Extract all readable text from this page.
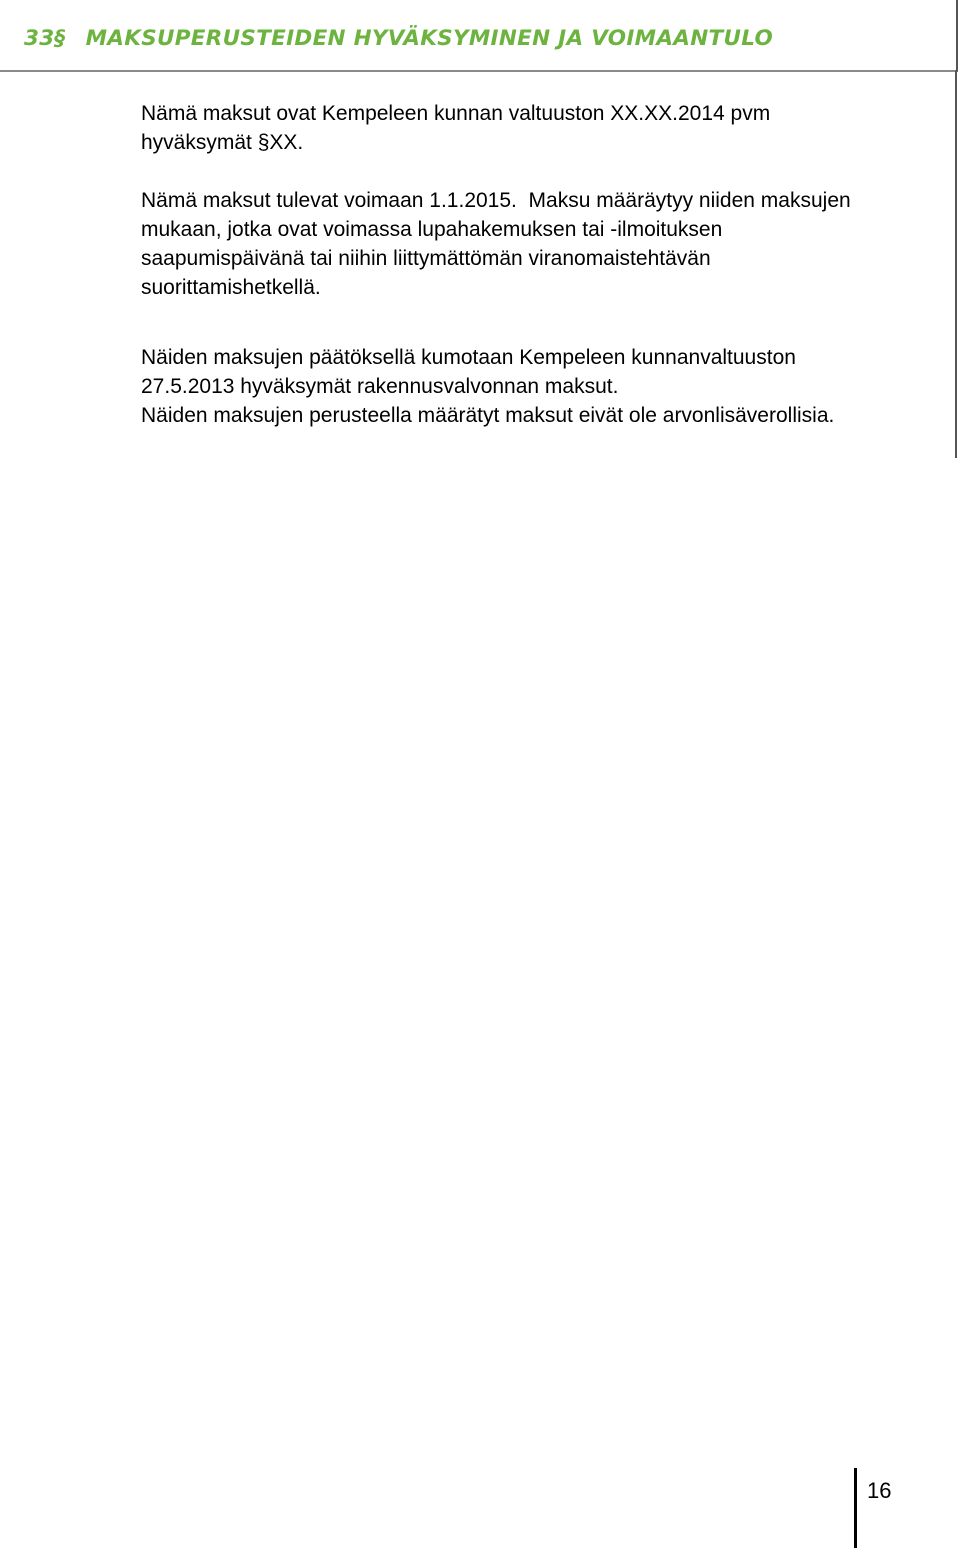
33§ MAKSUPERUSTEIDEN HYVÄKSYMINEN JA VOIMAANTULO

Nämä maksut ovat Kempeleen kunnan valtuuston XX.XX.2014 pvm

hyväksymät §XX.

Nämä maksut tulevat voimaan 1.1.2015.  Maksu määräytyy niiden maksujen

mukaan, jotka ovat voimassa lupahakemuksen tai -ilmoituksen

saapumispäivänä tai niihin liittymättömän viranomaistehtävän

suorittamishetkellä.

Näiden maksujen päätöksellä kumotaan Kempeleen kunnanvaltuuston

27.5.2013 hyväksymät rakennusvalvonnan maksut.

Näiden maksujen perusteella määrätyt maksut eivät ole arvonlisäverollisia.

16
